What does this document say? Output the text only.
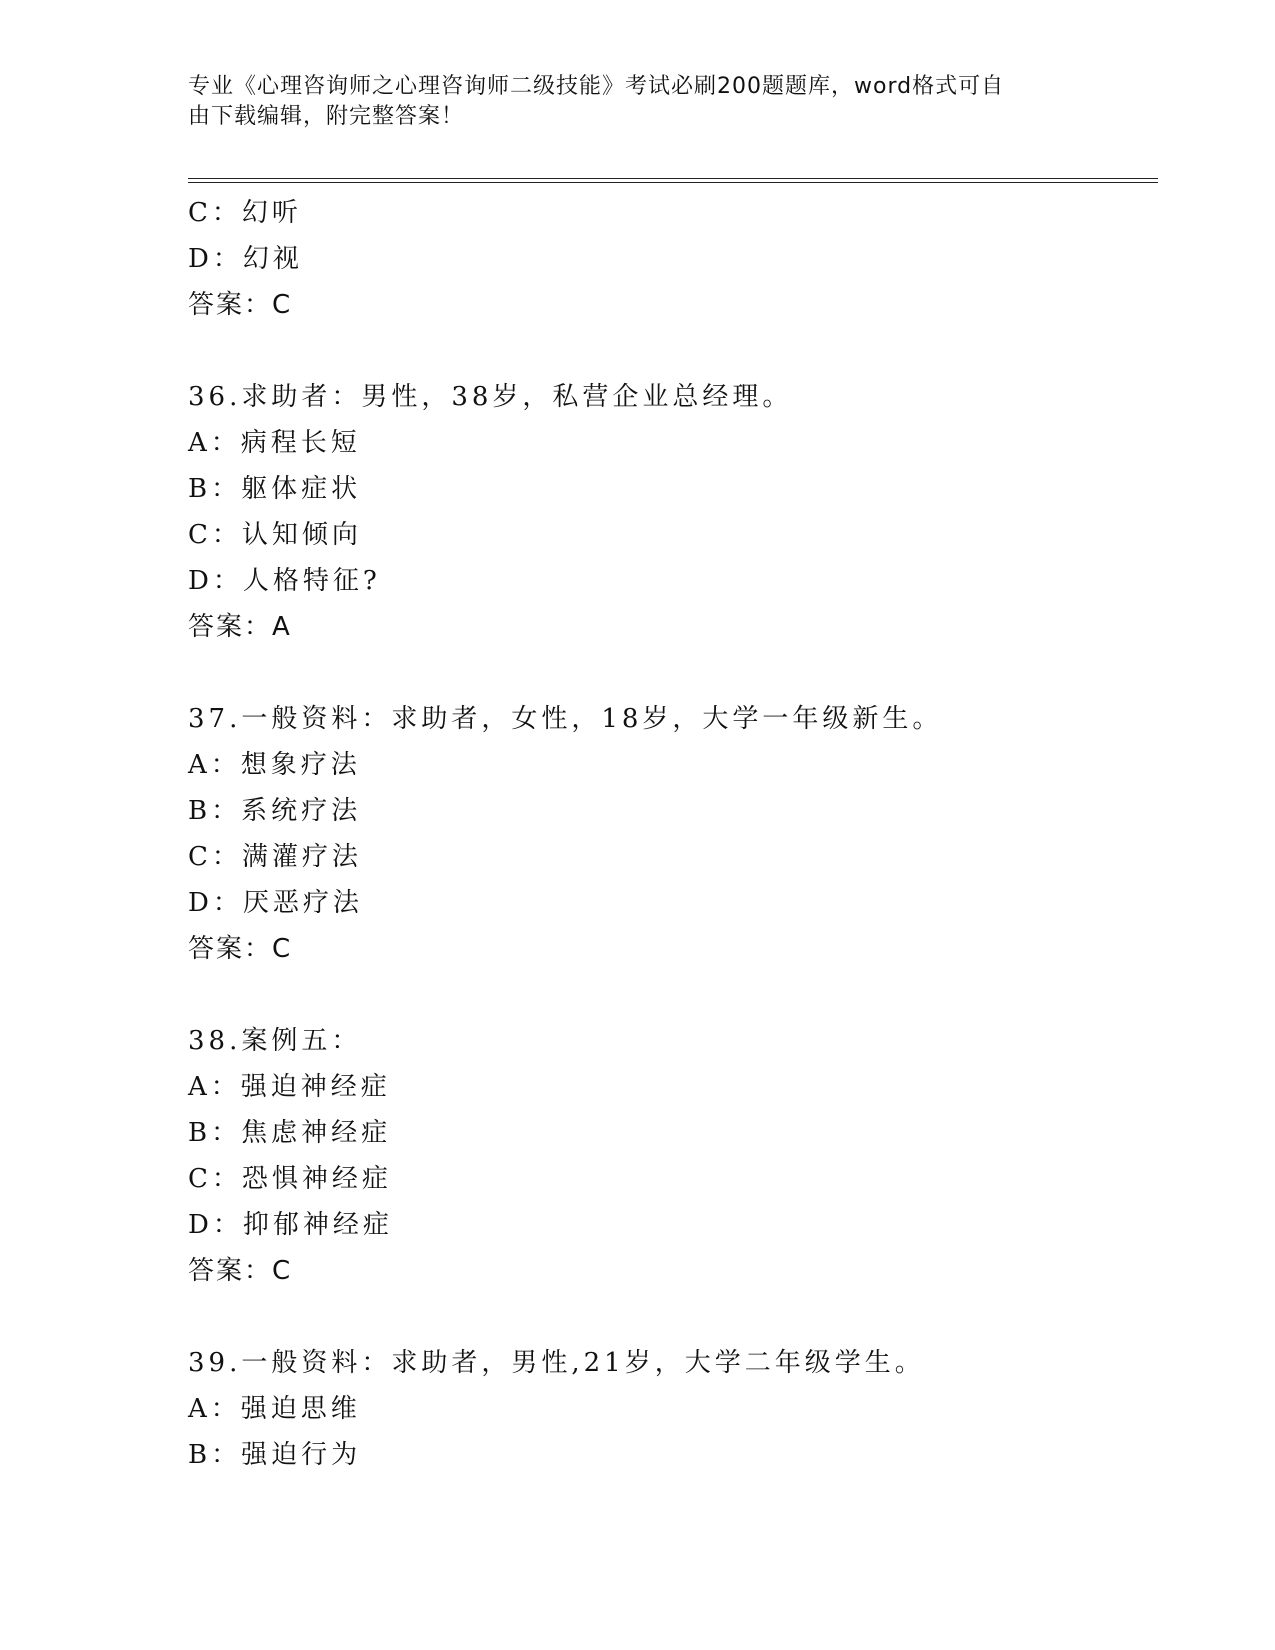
专业《心理咨询师之心理咨询师二级技能》考试必刷200题题库，word格式可自
由下载编辑，附完整答案！
C：幻听
D：幻视
答案：C
36.求助者：男性，38岁，私营企业总经理。
A：病程长短
B：躯体症状
C：认知倾向
D：人格特征?
答案：A
37.一般资料：求助者，女性，18岁，大学一年级新生。
A：想象疗法
B：系统疗法
C：满灌疗法
D：厌恶疗法
答案：C
38.案例五：
A：强迫神经症
B：焦虑神经症
C：恐惧神经症
D：抑郁神经症
答案：C
39.一般资料：求助者，男性,21岁，大学二年级学生。
A：强迫思维
B：强迫行为
